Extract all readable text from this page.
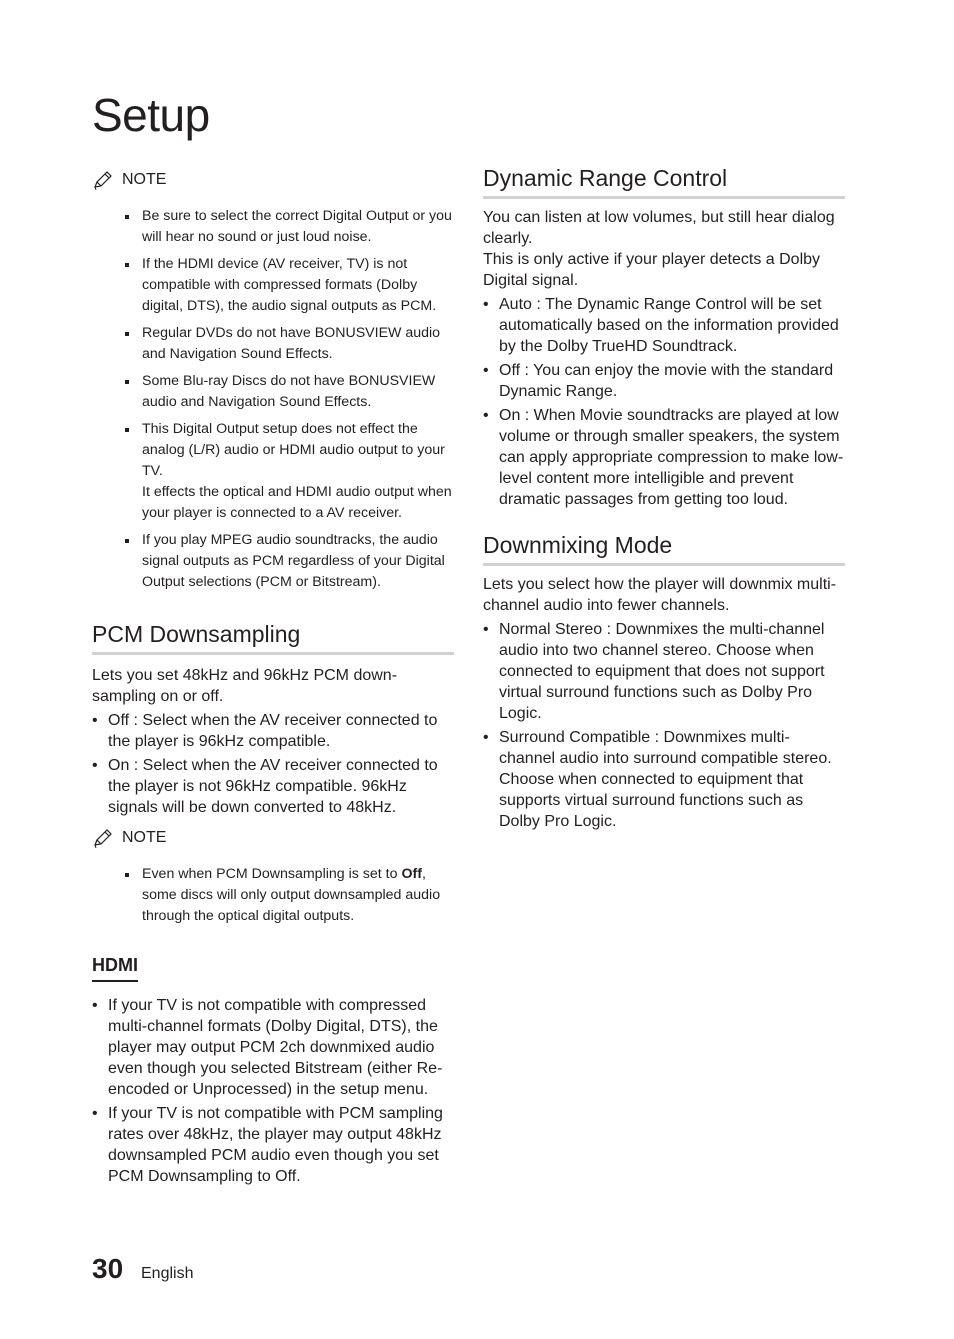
Setup
NOTE
Be sure to select the correct Digital Output or you will hear no sound or just loud noise.
If the HDMI device (AV receiver, TV) is not compatible with compressed formats (Dolby digital, DTS), the audio signal outputs as PCM.
Regular DVDs do not have BONUSVIEW audio and Navigation Sound Effects.
Some Blu-ray Discs do not have BONUSVIEW audio and Navigation Sound Effects.
This Digital Output setup does not effect the analog (L/R) audio or HDMI audio output to your TV.
It effects the optical and HDMI audio output when your player is connected to a AV receiver.
If you play MPEG audio soundtracks, the audio signal outputs as PCM regardless of your Digital Output selections (PCM or Bitstream).
PCM Downsampling

Lets you set 48kHz and 96kHz PCM down-sampling on or off.

• Off : Select when the AV receiver connected to the player is 96kHz compatible.
• On : Select when the AV receiver connected to the player is not 96kHz compatible. 96kHz signals will be down converted to 48kHz.
NOTE
Even when PCM Downsampling is set to Off, some discs will only output downsampled audio through the optical digital outputs.
HDMI
• If your TV is not compatible with compressed multi-channel formats (Dolby Digital, DTS), the player may output PCM 2ch downmixed audio even though you selected Bitstream (either Re-encoded or Unprocessed) in the setup menu.
• If your TV is not compatible with PCM sampling rates over 48kHz, the player may output 48kHz downsampled PCM audio even though you set PCM Downsampling to Off.
Dynamic Range Control

You can listen at low volumes, but still hear dialog clearly.

This is only active if your player detects a Dolby Digital signal.

• Auto : The Dynamic Range Control will be set automatically based on the information provided by the Dolby TrueHD Soundtrack.
• Off : You can enjoy the movie with the standard Dynamic Range.
• On : When Movie soundtracks are played at low volume or through smaller speakers, the system can apply appropriate compression to make low-level content more intelligible and prevent dramatic passages from getting too loud.
Downmixing Mode

Lets you select how the player will downmix multi-channel audio into fewer channels.

• Normal Stereo : Downmixes the multi-channel audio into two channel stereo. Choose when connected to equipment that does not support virtual surround functions such as Dolby Pro Logic.
• Surround Compatible : Downmixes multi-channel audio into surround compatible stereo. Choose when connected to equipment that supports virtual surround functions such as Dolby Pro Logic.
30 English
